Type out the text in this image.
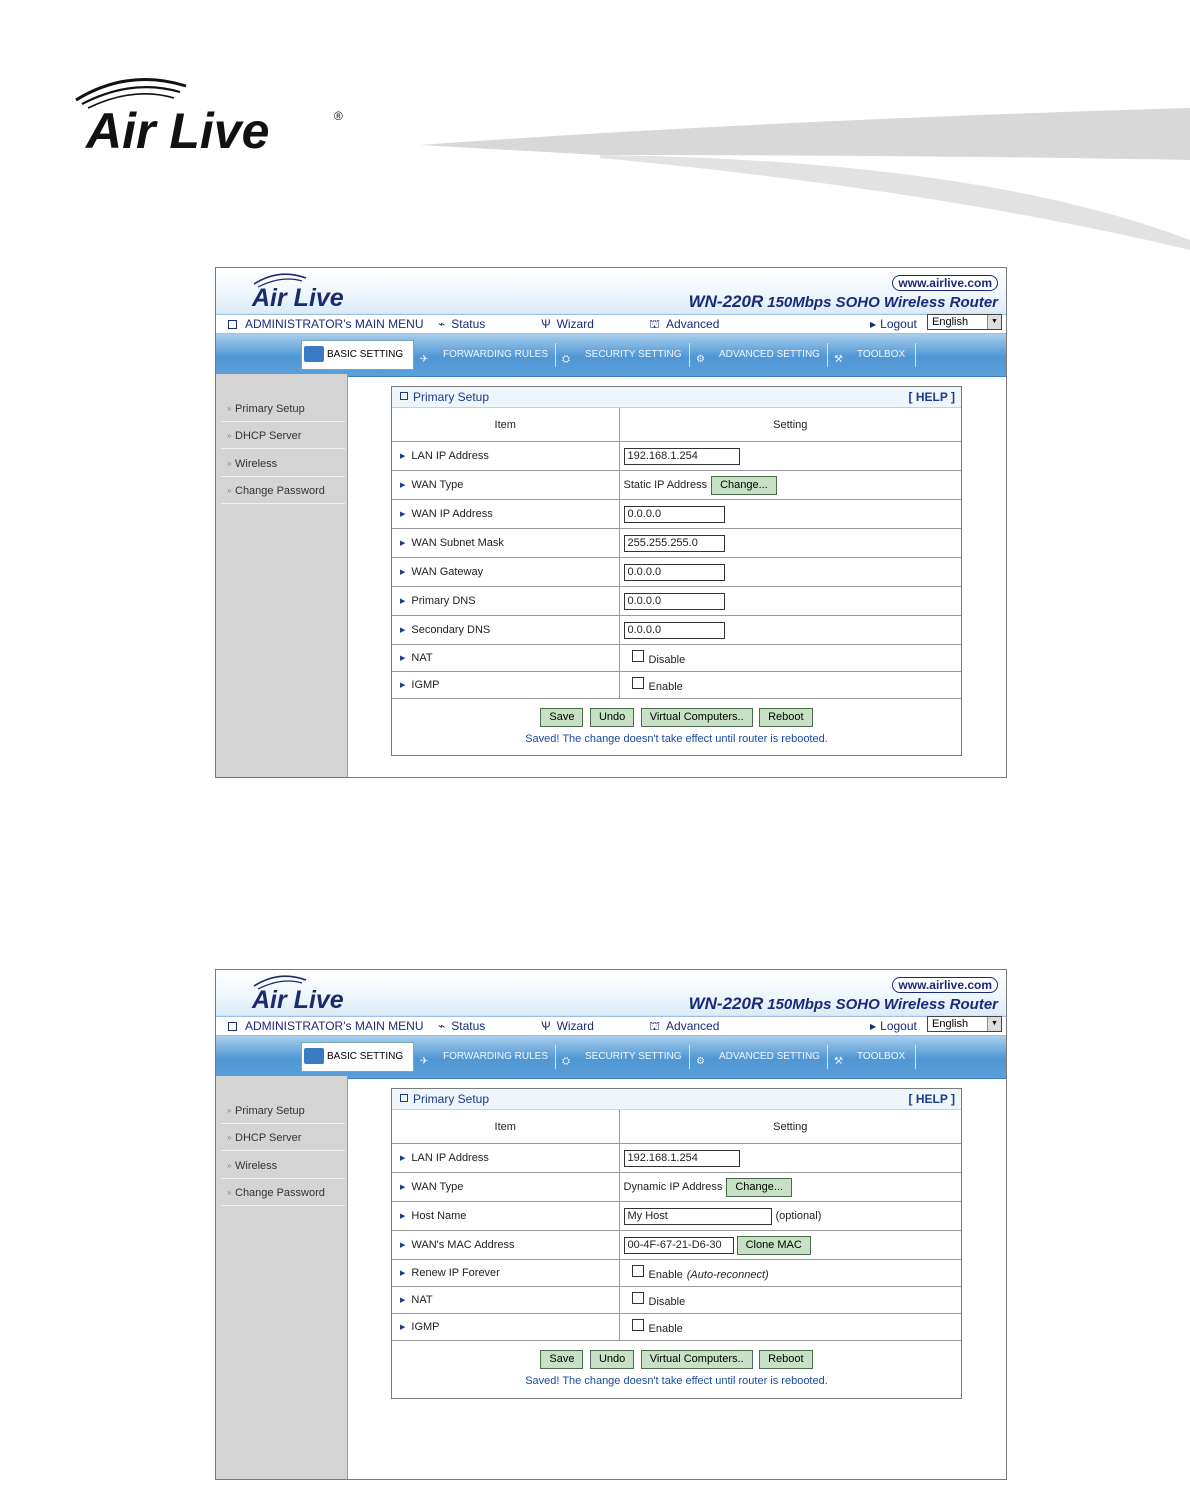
Air Live	®
Air Live
www.airlive.com
WN-220R 150Mbps SOHO Wireless Router
ADMINISTRATOR's MAIN MENU ⌁ Status	Ѱ Wizard	⛫ Advanced	▶ Logout	English	▼
BASIC SETTING	✈ FORWARDING RULES	⛭ SECURITY SETTING	⚙ ADVANCED SETTING	⚒ TOOLBOX
» Primary Setup
» DHCP Server
» Wireless
» Change Password
Primary Setup	[ HELP ]
Item	Setting
▶ LAN IP Address	192.168.1.254
▶ WAN Type	Static IP Address Change...
▶ WAN IP Address	0.0.0.0
▶ WAN Subnet Mask	255.255.255.0
▶ WAN Gateway	0.0.0.0
▶ Primary DNS	0.0.0.0
▶ Secondary DNS	0.0.0.0
▶ NAT	Disable
▶ IGMP	Enable
Save Undo Virtual Computers.. Reboot
Saved! The change doesn't take effect until router is rebooted.
Air Live
www.airlive.com
WN-220R 150Mbps SOHO Wireless Router
ADMINISTRATOR's MAIN MENU ⌁ Status	Ѱ Wizard	⛫ Advanced	▶ Logout	English	▼
BASIC SETTING	✈ FORWARDING RULES	⛭ SECURITY SETTING	⚙ ADVANCED SETTING	⚒ TOOLBOX
» Primary Setup
» DHCP Server
» Wireless
» Change Password
Primary Setup	[ HELP ]
Item	Setting
▶ LAN IP Address	192.168.1.254
▶ WAN Type	Dynamic IP Address Change...
▶ Host Name	My Host (optional)
▶ WAN's MAC Address	00-4F-67-21-D6-30 Clone MAC
▶ Renew IP Forever	Enable (Auto-reconnect)
▶ NAT	Disable
▶ IGMP	Enable
Save Undo Virtual Computers.. Reboot
Saved! The change doesn't take effect until router is rebooted.
